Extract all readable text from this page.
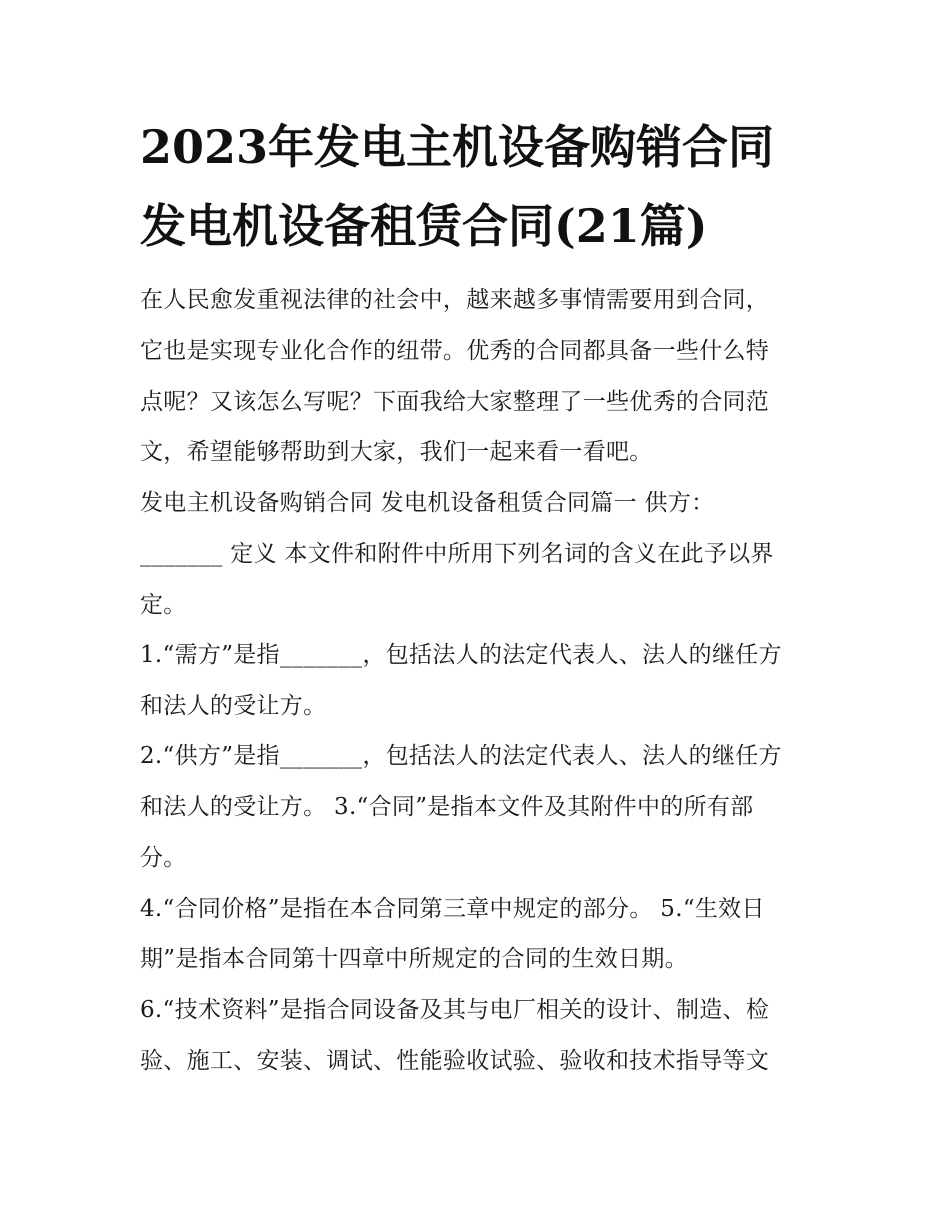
2023年发电主机设备购销合同
发电机设备租赁合同(21篇)
在人民愈发重视法律的社会中，越来越多事情需要用到合同，
它也是实现专业化合作的纽带。优秀的合同都具备一些什么特
点呢？又该怎么写呢？下面我给大家整理了一些优秀的合同范
文，希望能够帮助到大家，我们一起来看一看吧。
发电主机设备购销合同 发电机设备租赁合同篇一 供方：
_______ 定义 本文件和附件中所用下列名词的含义在此予以界
定。
1.“需方”是指_______，包括法人的法定代表人、法人的继任方
和法人的受让方。
2.“供方”是指_______，包括法人的法定代表人、法人的继任方
和法人的受让方。 3.“合同”是指本文件及其附件中的所有部
分。
4.“合同价格”是指在本合同第三章中规定的部分。 5.“生效日
期”是指本合同第十四章中所规定的合同的生效日期。
6.“技术资料”是指合同设备及其与电厂相关的设计、制造、检
验、施工、安装、调试、性能验收试验、验收和技术指导等文
